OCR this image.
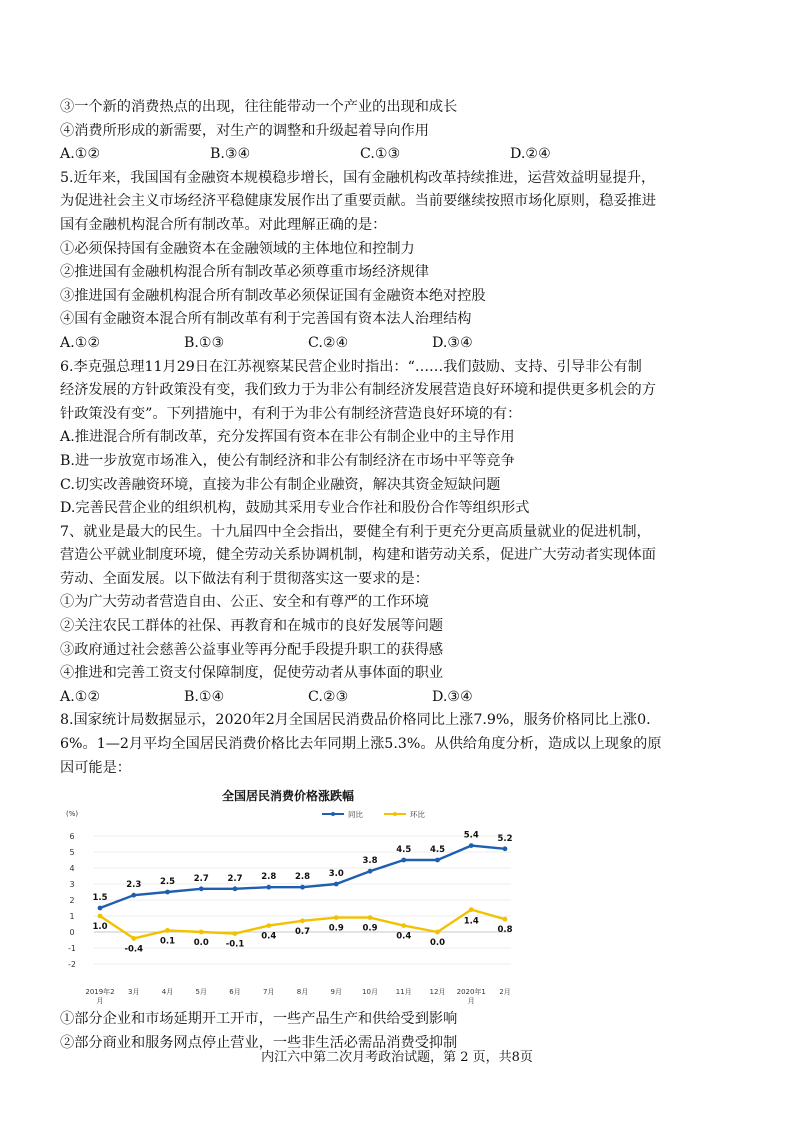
③一个新的消费热点的出现，往往能带动一个产业的出现和成长
④消费所形成的新需要，对生产的调整和升级起着导向作用
A.①②	B.③④	C.①③	D.②④
5.近年来，我国国有金融资本规模稳步增长，国有金融机构改革持续推进，运营效益明显提升，
为促进社会主义市场经济平稳健康发展作出了重要贡献。当前要继续按照市场化原则，稳妥推进
国有金融机构混合所有制改革。对此理解正确的是：
①必须保持国有金融资本在金融领域的主体地位和控制力
②推进国有金融机构混合所有制改革必须尊重市场经济规律
③推进国有金融机构混合所有制改革必须保证国有金融资本绝对控股
④国有金融资本混合所有制改革有利于完善国有资本法人治理结构
A.①②	B.①③	C.②④	D.③④
6.李克强总理11月29日在江苏视察某民营企业时指出：“……我们鼓励、支持、引导非公有制
经济发展的方针政策没有变，我们致力于为非公有制经济发展营造良好环境和提供更多机会的方
针政策没有变”。下列措施中，有利于为非公有制经济营造良好环境的有：
A.推进混合所有制改革，充分发挥国有资本在非公有制企业中的主导作用
B.进一步放宽市场准入，使公有制经济和非公有制经济在市场中平等竞争
C.切实改善融资环境，直接为非公有制企业融资，解决其资金短缺问题
D.完善民营企业的组织机构，鼓励其采用专业合作社和股份合作等组织形式
7、就业是最大的民生。十九届四中全会指出，要健全有利于更充分更高质量就业的促进机制，
营造公平就业制度环境，健全劳动关系协调机制，构建和谐劳动关系，促进广大劳动者实现体面
劳动、全面发展。以下做法有利于贯彻落实这一要求的是：
①为广大劳动者营造自由、公正、安全和有尊严的工作环境
②关注农民工群体的社保、再教育和在城市的良好发展等问题
③政府通过社会慈善公益事业等再分配手段提升职工的获得感
④推进和完善工资支付保障制度，促使劳动者从事体面的职业
A.①②	B.①④	C.②③	D.③④
8.国家统计局数据显示，2020年2月全国居民消费品价格同比上涨7.9%，服务价格同比上涨0.
6%。1—2月平均全国居民消费价格比去年同期上涨5.3%。从供给角度分析，造成以上现象的原
因可能是：
全国居民消费价格涨跌幅
(%)
-2
-1
0
1
2
3
4
5
6
2019年2
月
3月	4月	5月	6月	7月	8月	9月	10月	11月	12月 2020年1
月
2月
同比	环比
1.5
2.3 2.5 2.7 2.7 2.8 2.8 3.0
3.8
4.5 4.5
5.4 5.2
1.0
-0.4
0.1 0.0 -0.1
0.4 0.7 0.9 0.9
0.4
0.0
1.4
0.8
①部分企业和市场延期开工开市，一些产品生产和供给受到影响
②部分商业和服务网点停止营业，一些非生活必需品消费受抑制
内江六中第二次月考政治试题，第 2 页，共8页
